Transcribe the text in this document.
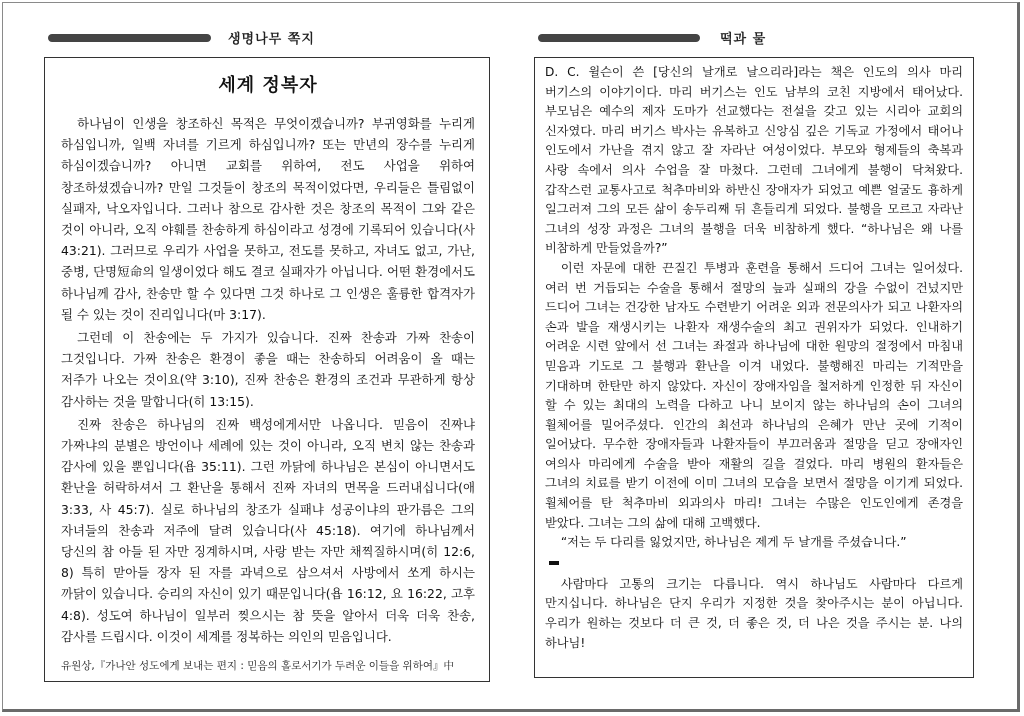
생명나무 쪽지	떡과 물
세계 정복자

하나님이 인생을 창조하신 목적은 무엇이겠습니까? 부귀영화를 누리게 하심입니까, 일백 자녀를 기르게 하심입니까? 또는 만년의 장수를 누리게 하심이겠습니까? 아니면 교회를 위하여, 전도 사업을 위하여 창조하셨겠습니까? 만일 그것들이 창조의 목적이었다면, 우리들은 틀림없이 실패자, 낙오자입니다. 그러나 참으로 감사한 것은 창조의 목적이 그와 같은 것이 아니라, 오직 야훼를 찬송하게 하심이라고 성경에 기록되어 있습니다(사 43:21). 그러므로 우리가 사업을 못하고, 전도를 못하고, 자녀도 없고, 가난, 중병, 단명短命의 일생이었다 해도 결코 실패자가 아닙니다. 어떤 환경에서도 하나님께 감사, 찬송만 할 수 있다면 그것 하나로 그 인생은 훌륭한 합격자가 될 수 있는 것이 진리입니다(마 3:17).

그런데 이 찬송에는 두 가지가 있습니다. 진짜 찬송과 가짜 찬송이 그것입니다. 가짜 찬송은 환경이 좋을 때는 찬송하되 어려움이 올 때는 저주가 나오는 것이요(약 3:10), 진짜 찬송은 환경의 조건과 무관하게 항상 감사하는 것을 말합니다(히 13:15).

진짜 찬송은 하나님의 진짜 백성에게서만 나옵니다. 믿음이 진짜냐 가짜냐의 분별은 방언이나 세례에 있는 것이 아니라, 오직 변치 않는 찬송과 감사에 있을 뿐입니다(욥 35:11). 그런 까닭에 하나님은 본심이 아니면서도 환난을 허락하셔서 그 환난을 통해서 진짜 자녀의 면목을 드러내십니다(애 3:33, 사 45:7). 실로 하나님의 창조가 실패냐 성공이냐의 판가름은 그의 자녀들의 찬송과 저주에 달려 있습니다(사 45:18). 여기에 하나님께서 당신의 참 아들 된 자만 징계하시며, 사랑 받는 자만 채찍질하시며(히 12:6, 8) 특히 맏아들 장자 된 자를 과녁으로 삼으셔서 사방에서 쏘게 하시는 까닭이 있습니다. 승리의 자신이 있기 때문입니다(욥 16:12, 요 16:22, 고후 4:8). 성도여 하나님이 일부러 찢으시는 참 뜻을 알아서 더욱 더욱 찬송, 감사를 드립시다. 이것이 세계를 정복하는 의인의 믿음입니다.

유원상,『가나안 성도에게 보내는 편지 : 믿음의 홀로서기가 두려운 이들을 위하여』中

D. C. 윌슨이 쓴 [당신의 날개로 날으리라]라는 책은 인도의 의사 마리 버기스의 이야기이다. 마리 버기스는 인도 남부의 코친 지방에서 태어났다. 부모님은 예수의 제자 도마가 선교했다는 전설을 갖고 있는 시리아 교회의 신자였다. 마리 버기스 박사는 유복하고 신앙심 깊은 기독교 가정에서 태어나 인도에서 가난을 겪지 않고 잘 자라난 여성이었다. 부모와 형제들의 축복과 사랑 속에서 의사 수업을 잘 마쳤다. 그런데 그녀에게 불행이 닥쳐왔다. 갑작스런 교통사고로 척추마비와 하반신 장애자가 되었고 예쁜 얼굴도 흉하게 일그러져 그의 모든 삶이 송두리째 뒤 흔들리게 되었다. 불행을 모르고 자라난 그녀의 성장 과정은 그녀의 불행을 더욱 비참하게 했다. “하나님은 왜 나를 비참하게 만들었을까?”

이런 자문에 대한 끈질긴 투병과 훈련을 통해서 드디어 그녀는 일어섰다. 여러 번 거듭되는 수술을 통해서 절망의 늪과 실패의 강을 수없이 건넜지만 드디어 그녀는 건강한 남자도 수련받기 어려운 외과 전문의사가 되고 나환자의 손과 발을 재생시키는 나환자 재생수술의 최고 권위자가 되었다. 인내하기 어려운 시련 앞에서 선 그녀는 좌절과 하나님에 대한 원망의 절정에서 마침내 믿음과 기도로 그 불행과 환난을 이겨 내었다. 불행해진 마리는 기적만을 기대하며 한탄만 하지 않았다. 자신이 장애자임을 철저하게 인정한 뒤 자신이 할 수 있는 최대의 노력을 다하고 나니 보이지 않는 하나님의 손이 그녀의 휠체어를 밀어주셨다. 인간의 최선과 하나님의 은혜가 만난 곳에 기적이 일어났다. 무수한 장애자들과 나환자들이 부끄러움과 절망을 딛고 장애자인 여의사 마리에게 수술을 받아 재활의 길을 걸었다. 마리 병원의 환자들은 그녀의 치료를 받기 이전에 이미 그녀의 모습을 보면서 절망을 이기게 되었다. 휠체어를 탄 척추마비 외과의사 마리! 그녀는 수많은 인도인에게 존경을 받았다. 그녀는 그의 삶에 대해 고백했다.

“저는 두 다리를 잃었지만, 하나님은 제게 두 날개를 주셨습니다.”

사람마다 고통의 크기는 다릅니다. 역시 하나님도 사람마다 다르게 만지십니다. 하나님은 단지 우리가 지정한 것을 찾아주시는 분이 아닙니다. 우리가 원하는 것보다 더 큰 것, 더 좋은 것, 더 나은 것을 주시는 분. 나의 하나님!
